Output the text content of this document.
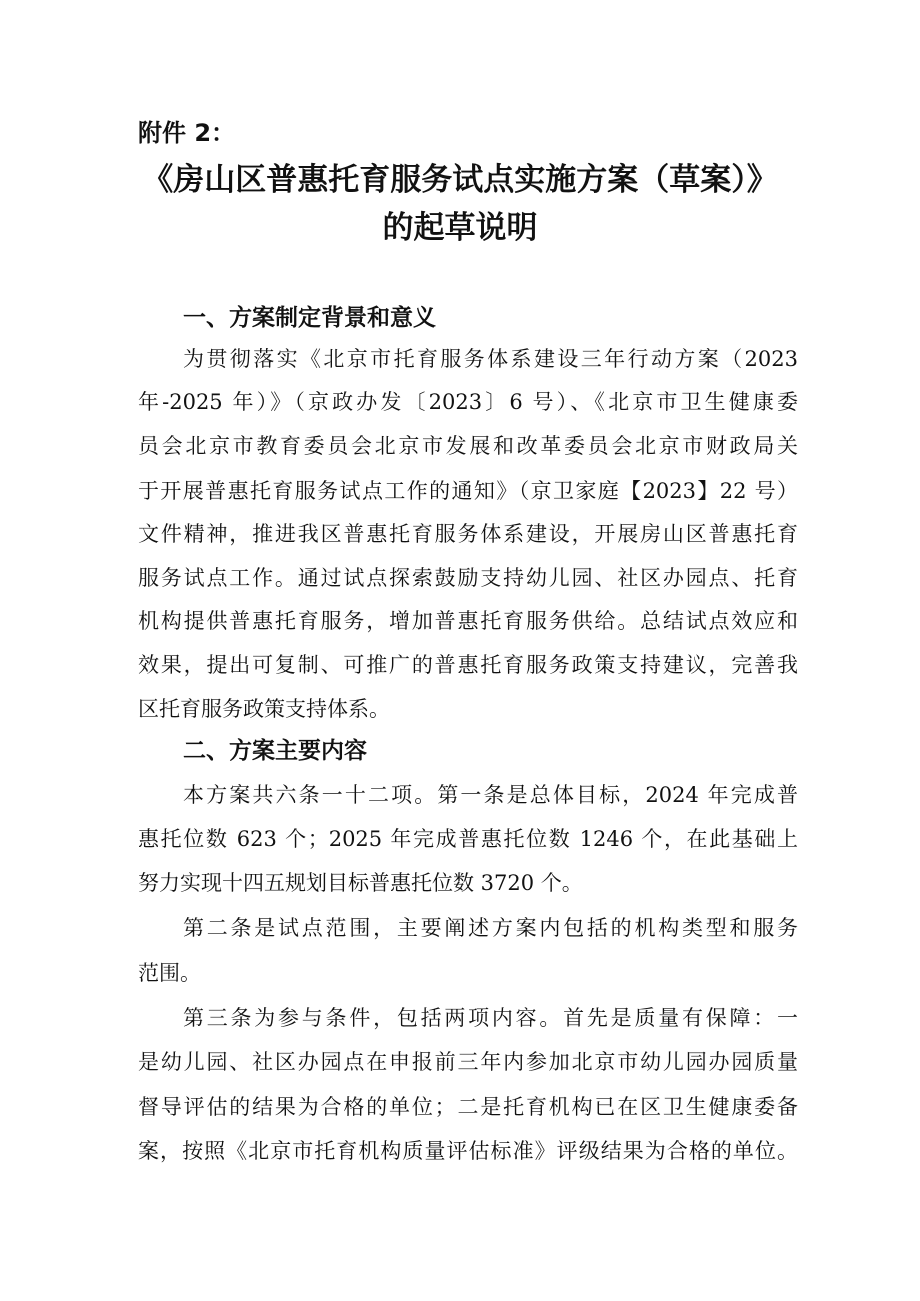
附件 2：
《房山区普惠托育服务试点实施方案（草案）》
的起草说明
一、方案制定背景和意义
为贯彻落实《北京市托育服务体系建设三年行动方案（2023
年-2025 年）》（京政办发〔2023〕6 号）、《北京市卫生健康委
员会北京市教育委员会北京市发展和改革委员会北京市财政局关
于开展普惠托育服务试点工作的通知》（京卫家庭【2023】22 号）
文件精神，推进我区普惠托育服务体系建设，开展房山区普惠托育
服务试点工作。通过试点探索鼓励支持幼儿园、社区办园点、托育
机构提供普惠托育服务，增加普惠托育服务供给。总结试点效应和
效果，提出可复制、可推广的普惠托育服务政策支持建议，完善我
区托育服务政策支持体系。
二、方案主要内容
本方案共六条一十二项。第一条是总体目标，2024 年完成普
惠托位数 623 个；2025 年完成普惠托位数 1246 个，在此基础上
努力实现十四五规划目标普惠托位数 3720 个。
第二条是试点范围，主要阐述方案内包括的机构类型和服务
范围。
第三条为参与条件，包括两项内容。首先是质量有保障：一
是幼儿园、社区办园点在申报前三年内参加北京市幼儿园办园质量
督导评估的结果为合格的单位；二是托育机构已在区卫生健康委备
案，按照《北京市托育机构质量评估标准》评级结果为合格的单位。
